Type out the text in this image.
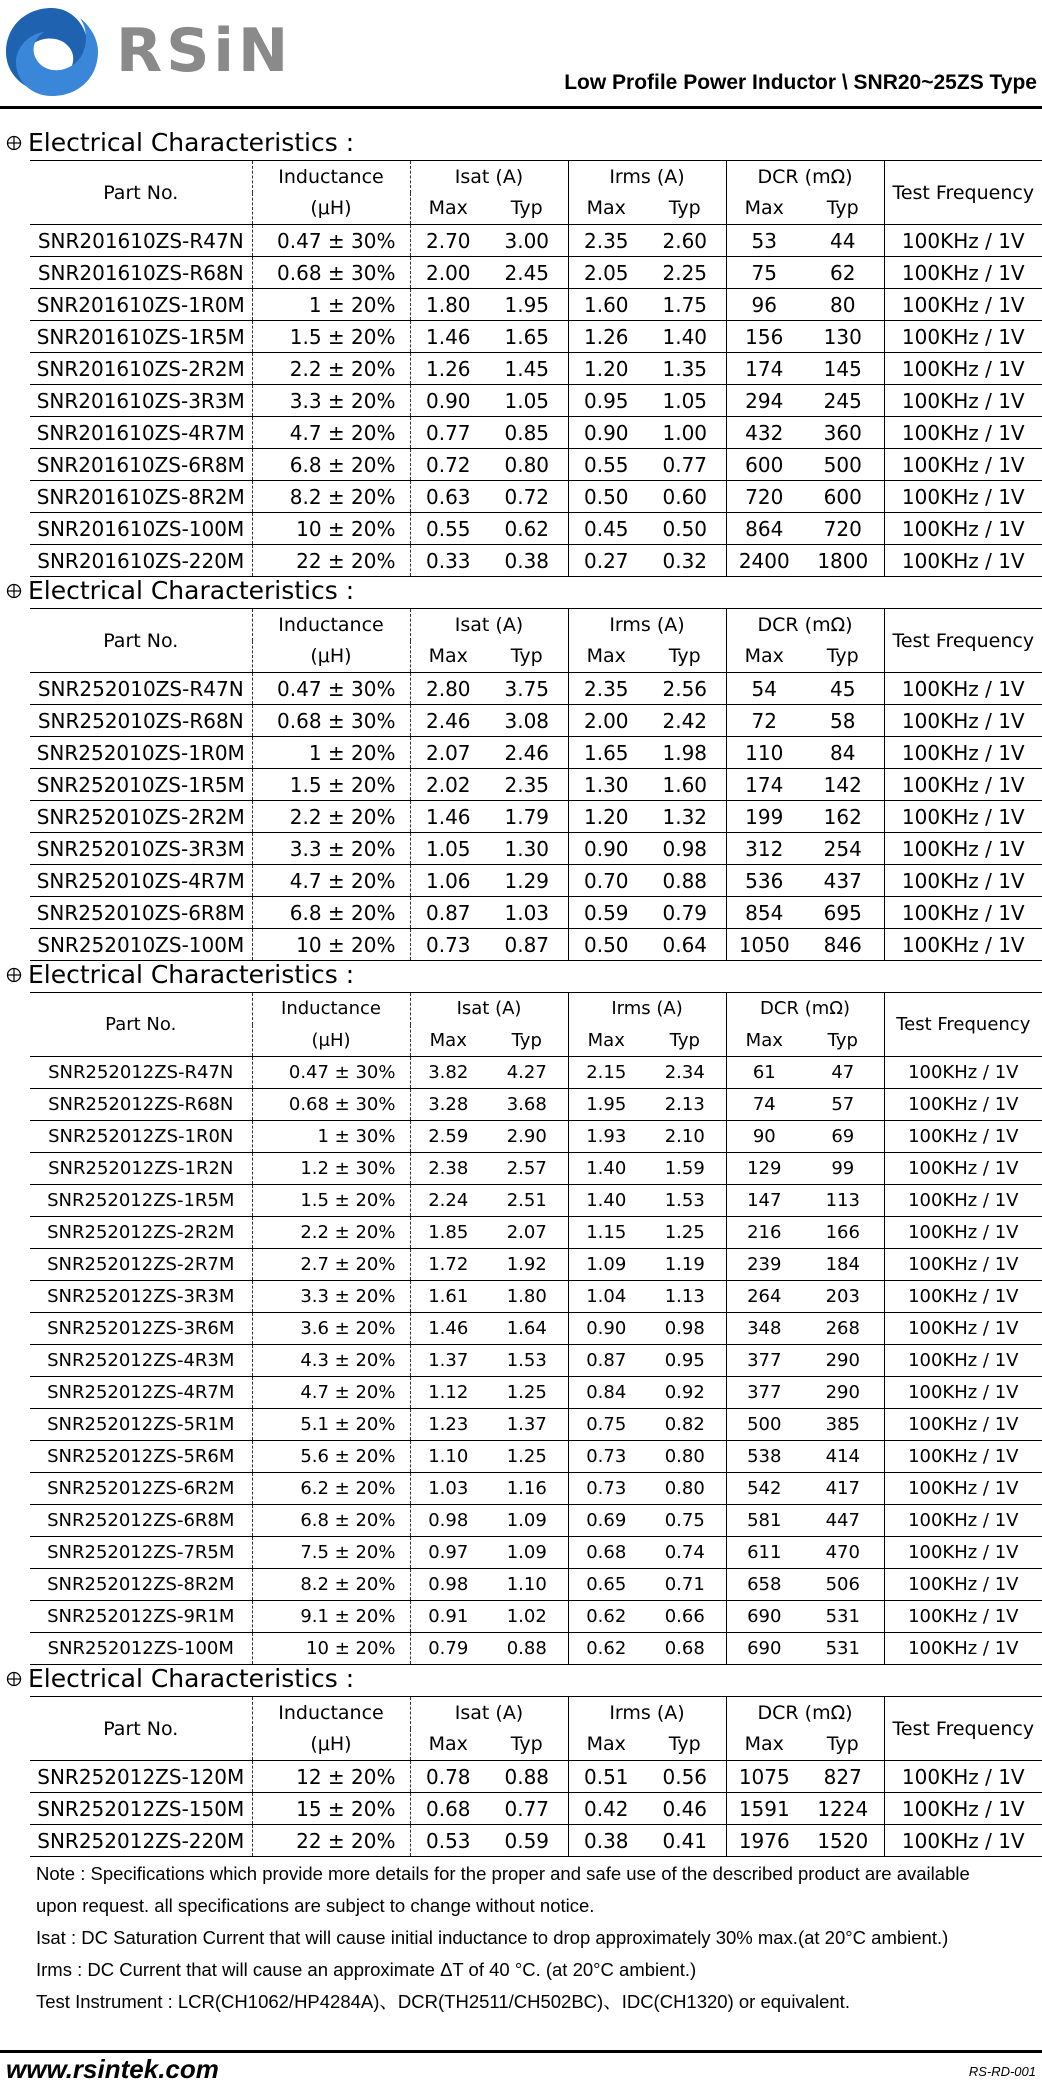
RSiN	Low Profile Power Inductor \ SNR20~25ZS Type
Electrical Characteristics :
Part No.	Inductance	Isat (A)		Irms (A)		DCR (mΩ)		Test Frequency
	(μH)	Max	Typ	Max	Typ	Max	Typ	
SNR201610ZS-R47N	0.47 ± 30%	2.70	3.00	2.35	2.60	53	44	100KHz / 1V
SNR201610ZS-R68N	0.68 ± 30%	2.00	2.45	2.05	2.25	75	62	100KHz / 1V
SNR201610ZS-1R0M	1 ± 20%	1.80	1.95	1.60	1.75	96	80	100KHz / 1V
SNR201610ZS-1R5M	1.5 ± 20%	1.46	1.65	1.26	1.40	156	130	100KHz / 1V
SNR201610ZS-2R2M	2.2 ± 20%	1.26	1.45	1.20	1.35	174	145	100KHz / 1V
SNR201610ZS-3R3M	3.3 ± 20%	0.90	1.05	0.95	1.05	294	245	100KHz / 1V
SNR201610ZS-4R7M	4.7 ± 20%	0.77	0.85	0.90	1.00	432	360	100KHz / 1V
SNR201610ZS-6R8M	6.8 ± 20%	0.72	0.80	0.55	0.77	600	500	100KHz / 1V
SNR201610ZS-8R2M	8.2 ± 20%	0.63	0.72	0.50	0.60	720	600	100KHz / 1V
SNR201610ZS-100M	10 ± 20%	0.55	0.62	0.45	0.50	864	720	100KHz / 1V
SNR201610ZS-220M	22 ± 20%	0.33	0.38	0.27	0.32	2400	1800	100KHz / 1V
Electrical Characteristics :
Part No.	Inductance	Isat (A)		Irms (A)		DCR (mΩ)		Test Frequency
	(μH)	Max	Typ	Max	Typ	Max	Typ	
SNR252010ZS-R47N	0.47 ± 30%	2.80	3.75	2.35	2.56	54	45	100KHz / 1V
SNR252010ZS-R68N	0.68 ± 30%	2.46	3.08	2.00	2.42	72	58	100KHz / 1V
SNR252010ZS-1R0M	1 ± 20%	2.07	2.46	1.65	1.98	110	84	100KHz / 1V
SNR252010ZS-1R5M	1.5 ± 20%	2.02	2.35	1.30	1.60	174	142	100KHz / 1V
SNR252010ZS-2R2M	2.2 ± 20%	1.46	1.79	1.20	1.32	199	162	100KHz / 1V
SNR252010ZS-3R3M	3.3 ± 20%	1.05	1.30	0.90	0.98	312	254	100KHz / 1V
SNR252010ZS-4R7M	4.7 ± 20%	1.06	1.29	0.70	0.88	536	437	100KHz / 1V
SNR252010ZS-6R8M	6.8 ± 20%	0.87	1.03	0.59	0.79	854	695	100KHz / 1V
SNR252010ZS-100M	10 ± 20%	0.73	0.87	0.50	0.64	1050	846	100KHz / 1V
Electrical Characteristics :
Part No.	Inductance	Isat (A)		Irms (A)		DCR (mΩ)		Test Frequency
	(μH)	Max	Typ	Max	Typ	Max	Typ	
SNR252012ZS-R47N	0.47 ± 30%	3.82	4.27	2.15	2.34	61	47	100KHz / 1V
SNR252012ZS-R68N	0.68 ± 30%	3.28	3.68	1.95	2.13	74	57	100KHz / 1V
SNR252012ZS-1R0N	1 ± 30%	2.59	2.90	1.93	2.10	90	69	100KHz / 1V
SNR252012ZS-1R2N	1.2 ± 30%	2.38	2.57	1.40	1.59	129	99	100KHz / 1V
SNR252012ZS-1R5M	1.5 ± 20%	2.24	2.51	1.40	1.53	147	113	100KHz / 1V
SNR252012ZS-2R2M	2.2 ± 20%	1.85	2.07	1.15	1.25	216	166	100KHz / 1V
SNR252012ZS-2R7M	2.7 ± 20%	1.72	1.92	1.09	1.19	239	184	100KHz / 1V
SNR252012ZS-3R3M	3.3 ± 20%	1.61	1.80	1.04	1.13	264	203	100KHz / 1V
SNR252012ZS-3R6M	3.6 ± 20%	1.46	1.64	0.90	0.98	348	268	100KHz / 1V
SNR252012ZS-4R3M	4.3 ± 20%	1.37	1.53	0.87	0.95	377	290	100KHz / 1V
SNR252012ZS-4R7M	4.7 ± 20%	1.12	1.25	0.84	0.92	377	290	100KHz / 1V
SNR252012ZS-5R1M	5.1 ± 20%	1.23	1.37	0.75	0.82	500	385	100KHz / 1V
SNR252012ZS-5R6M	5.6 ± 20%	1.10	1.25	0.73	0.80	538	414	100KHz / 1V
SNR252012ZS-6R2M	6.2 ± 20%	1.03	1.16	0.73	0.80	542	417	100KHz / 1V
SNR252012ZS-6R8M	6.8 ± 20%	0.98	1.09	0.69	0.75	581	447	100KHz / 1V
SNR252012ZS-7R5M	7.5 ± 20%	0.97	1.09	0.68	0.74	611	470	100KHz / 1V
SNR252012ZS-8R2M	8.2 ± 20%	0.98	1.10	0.65	0.71	658	506	100KHz / 1V
SNR252012ZS-9R1M	9.1 ± 20%	0.91	1.02	0.62	0.66	690	531	100KHz / 1V
SNR252012ZS-100M	10 ± 20%	0.79	0.88	0.62	0.68	690	531	100KHz / 1V
Electrical Characteristics :
Part No.	Inductance	Isat (A)		Irms (A)		DCR (mΩ)		Test Frequency
	(μH)	Max	Typ	Max	Typ	Max	Typ	
SNR252012ZS-120M	12 ± 20%	0.78	0.88	0.51	0.56	1075	827	100KHz / 1V
SNR252012ZS-150M	15 ± 20%	0.68	0.77	0.42	0.46	1591	1224	100KHz / 1V
SNR252012ZS-220M	22 ± 20%	0.53	0.59	0.38	0.41	1976	1520	100KHz / 1V
Note : Specifications which provide more details for the proper and safe use of the described product are available
upon request. all specifications are subject to change without notice.
Isat : DC Saturation Current that will cause initial inductance to drop approximately 30% max.(at 20°C ambient.)
Irms : DC Current that will cause an approximate ΔT of 40 °C. (at 20°C ambient.)
Test Instrument : LCR(CH1062/HP4284A)、DCR(TH2511/CH502BC)、IDC(CH1320) or equivalent.
www.rsintek.com	RS-RD-001
